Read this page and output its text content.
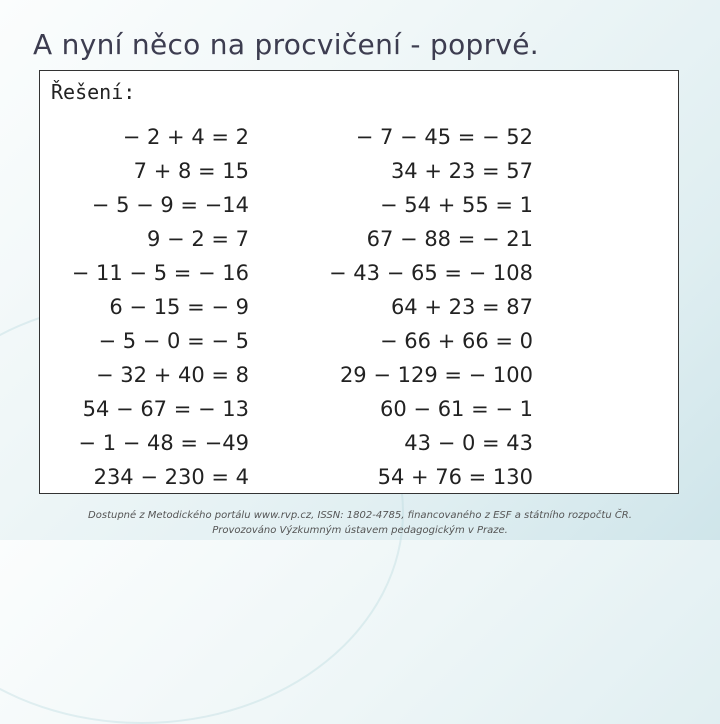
A nyní něco na procvičení - poprvé.
Řešení:
− 2 + 4 = 2
7 + 8 = 15
− 5 − 9 = −14
9 − 2 = 7
− 11 − 5 = − 16
6 − 15 = − 9
− 5 − 0 = − 5
− 32 + 40 = 8
54 − 67 = − 13
− 1 − 48 = −49
234 − 230 = 4
− 7 − 45 = − 52
34 + 23 = 57
− 54 + 55 = 1
67 − 88 = − 21
− 43 − 65 = − 108
64 + 23 = 87
− 66 + 66 = 0
29 − 129 = − 100
60 − 61 = − 1
43 − 0 = 43
54 + 76 = 130
Dostupné z Metodického portálu www.rvp.cz, ISSN: 1802-4785, financovaného z ESF a státního rozpočtu ČR.
Provozováno Výzkumným ústavem pedagogickým v Praze.
